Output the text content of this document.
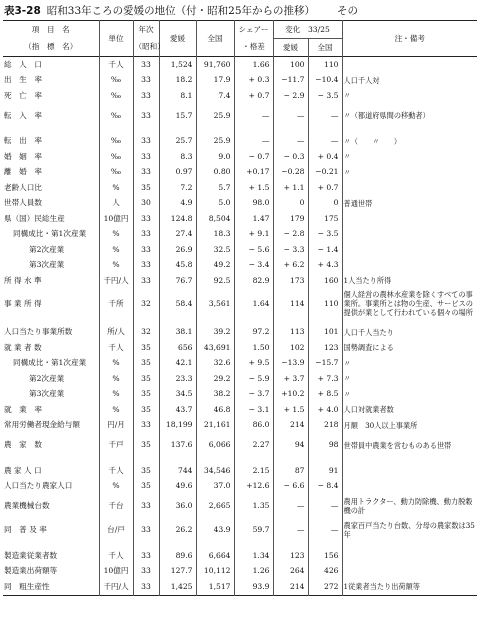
表3-28 昭和33年ころの愛媛の地位（付・昭和25年からの推移） その
項　目　名	単位	年次	愛媛	全国	シェアー	変化　33/25		注・備考
（指　標　名）		（昭和）			・格差	愛媛	全国	
総　人　口	千人	33	1,524	91,760	1.66	100	110	
出　生　率	‰	33	18.2	17.9	+ 0.3	−11.7	−10.4	人口千人対
死　亡　率	‰	33	8.1	7.4	+ 0.7	− 2.9	− 3.5	〃
転　入　率	‰	33	15.7	25.9	—	—	—	〃（都道府県間の移動者）

転　出　率	‰	33	25.7	25.9	—	—	—	〃（　　〃　　）
婚　姻　率	‰	33	8.3	9.0	− 0.7	− 0.3	+ 0.4	〃
離　婚　率	‰	33	0.97	0.80	+0.17	−0.28	−0.21	〃
老齢人口比	%	35	7.2	5.7	+ 1.5	+ 1.1	+ 0.7	
世帯人員数	人	30	4.9	5.0	98.0	0	0	普通世帯
県（国）民総生産	10億円	33	124.8	8,504	1.47	179	175	
同構成比・第1次産業	%	33	27.4	18.3	+ 9.1	− 2.8	− 3.5	
第2次産業	%	33	26.9	32.5	− 5.6	− 3.3	− 1.4	
第3次産業	%	33	45.8	49.2	− 3.4	+ 6.2	+ 4.3	
所 得 水 準	千円/人	33	76.7	92.5	82.9	173	160	1人当たり所得
事 業 所 得	千所	32	58.4	3,561	1.64	114	110	個人経営の農林水産業を除くすべての事業所。事業所とは物の生産、サービスの提供が業として行われている個々の場所

人口当たり事業所数	所/人	32	38.1	39.2	97.2	113	101	人口千人当たり
就 業 者 数	千人	35	656	43,691	1.50	102	123	国勢調査による
同構成比・第1次産業	%	35	42.1	32.6	+ 9.5	−13.9	−15.7	〃
第2次産業	%	35	23.3	29.2	− 5.9	+ 3.7	+ 7.3	〃
第3次産業	%	35	34.5	38.2	− 3.7	+10.2	+ 8.5	〃
就　業　率	%	35	43.7	46.8	− 3.1	+ 1.5	+ 4.0	人口対就業者数
常用労働者現金給与額	円/月	33	18,199	21,161	86.0	214	218	月額　30人以上事業所
農　家　数	千戸	35	137.6	6,066	2.27	94	98	世帯員中農業を営むものある世帯

農 家 人 口	千人	35	744	34,546	2.15	87	91	
人口当たり農家人口	%	35	49.6	37.0	+12.6	− 6.6	− 8.4	
農業機械台数	千台	33	36.0	2,665	1.35	—	—	農用トラクター、動力防除機、動力脱穀機の計
同　普 及 率	台/戸	33	26.2	43.9	59.7	—	—	農家百戸当たり台数、分母の農家数は35年

製造業従業者数	千人	33	89.6	6,664	1.34	123	156	
製造業出荷額等	10億円	33	127.7	10,112	1.26	264	426	
同　粗生産性	千円/人	33	1,425	1,517	93.9	214	272	1従業者当たり出荷額等
